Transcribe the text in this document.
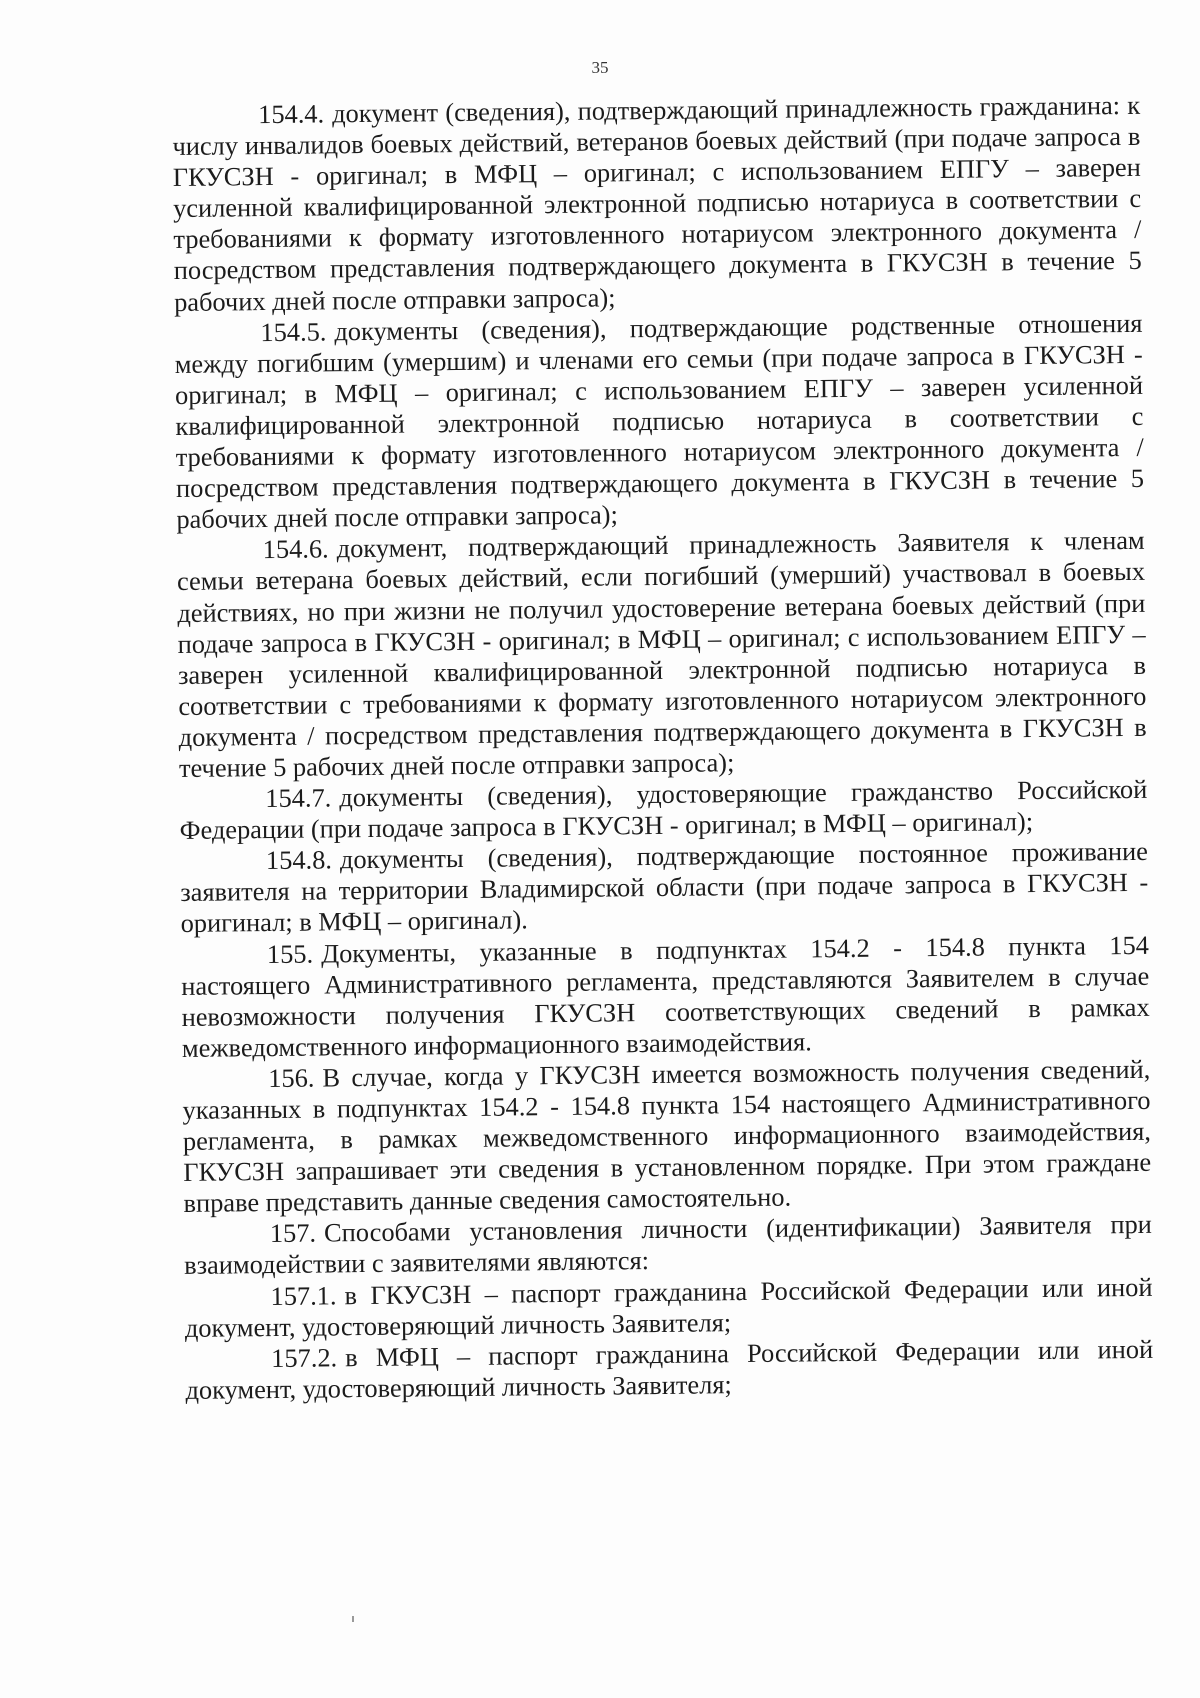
35

154.4. документ (сведения), подтверждающий принадлежность гражданина: к числу инвалидов боевых действий, ветеранов боевых действий (при подаче запроса в ГКУСЗН - оригинал; в МФЦ – оригинал; с использованием ЕПГУ – заверен усиленной квалифицированной электронной подписью нотариуса в соответствии с требованиями к формату изготовленного нотариусом электронного документа / посредством представления подтверждающего документа в ГКУСЗН в течение 5 рабочих дней после отправки запроса);

154.5. документы (сведения), подтверждающие родственные отношения между погибшим (умершим) и членами его семьи (при подаче запроса в ГКУСЗН - оригинал; в МФЦ – оригинал; с использованием ЕПГУ – заверен усиленной квалифицированной электронной подписью нотариуса в соответствии с требованиями к формату изготовленного нотариусом электронного документа / посредством представления подтверждающего документа в ГКУСЗН в течение 5 рабочих дней после отправки запроса);

154.6. документ, подтверждающий принадлежность Заявителя к членам семьи ветерана боевых действий, если погибший (умерший) участвовал в боевых действиях, но при жизни не получил удостоверение ветерана боевых действий (при подаче запроса в ГКУСЗН - оригинал; в МФЦ – оригинал; с использованием ЕПГУ – заверен усиленной квалифицированной электронной подписью нотариуса в соответствии с требованиями к формату изготовленного нотариусом электронного документа / посредством представления подтверждающего документа в ГКУСЗН в течение 5 рабочих дней после отправки запроса);

154.7. документы (сведения), удостоверяющие гражданство Российской Федерации (при подаче запроса в ГКУСЗН - оригинал; в МФЦ – оригинал);

154.8. документы (сведения), подтверждающие постоянное проживание заявителя на территории Владимирской области (при подаче запроса в ГКУСЗН - оригинал; в МФЦ – оригинал).

155. Документы, указанные в подпунктах 154.2 - 154.8 пункта 154 настоящего Административного регламента, представляются Заявителем в случае невозможности получения ГКУСЗН соответствующих сведений в рамках межведомственного информационного взаимодействия.

156. В случае, когда у ГКУСЗН имеется возможность получения сведений, указанных в подпунктах 154.2 - 154.8 пункта 154 настоящего Административного регламента, в рамках межведомственного информационного взаимодействия, ГКУСЗН запрашивает эти сведения в установленном порядке. При этом граждане вправе представить данные сведения самостоятельно.

157. Способами установления личности (идентификации) Заявителя при взаимодействии с заявителями являются:

157.1. в ГКУСЗН – паспорт гражданина Российской Федерации или иной документ, удостоверяющий личность Заявителя;

157.2. в МФЦ – паспорт гражданина Российской Федерации или иной документ, удостоверяющий личность Заявителя;
